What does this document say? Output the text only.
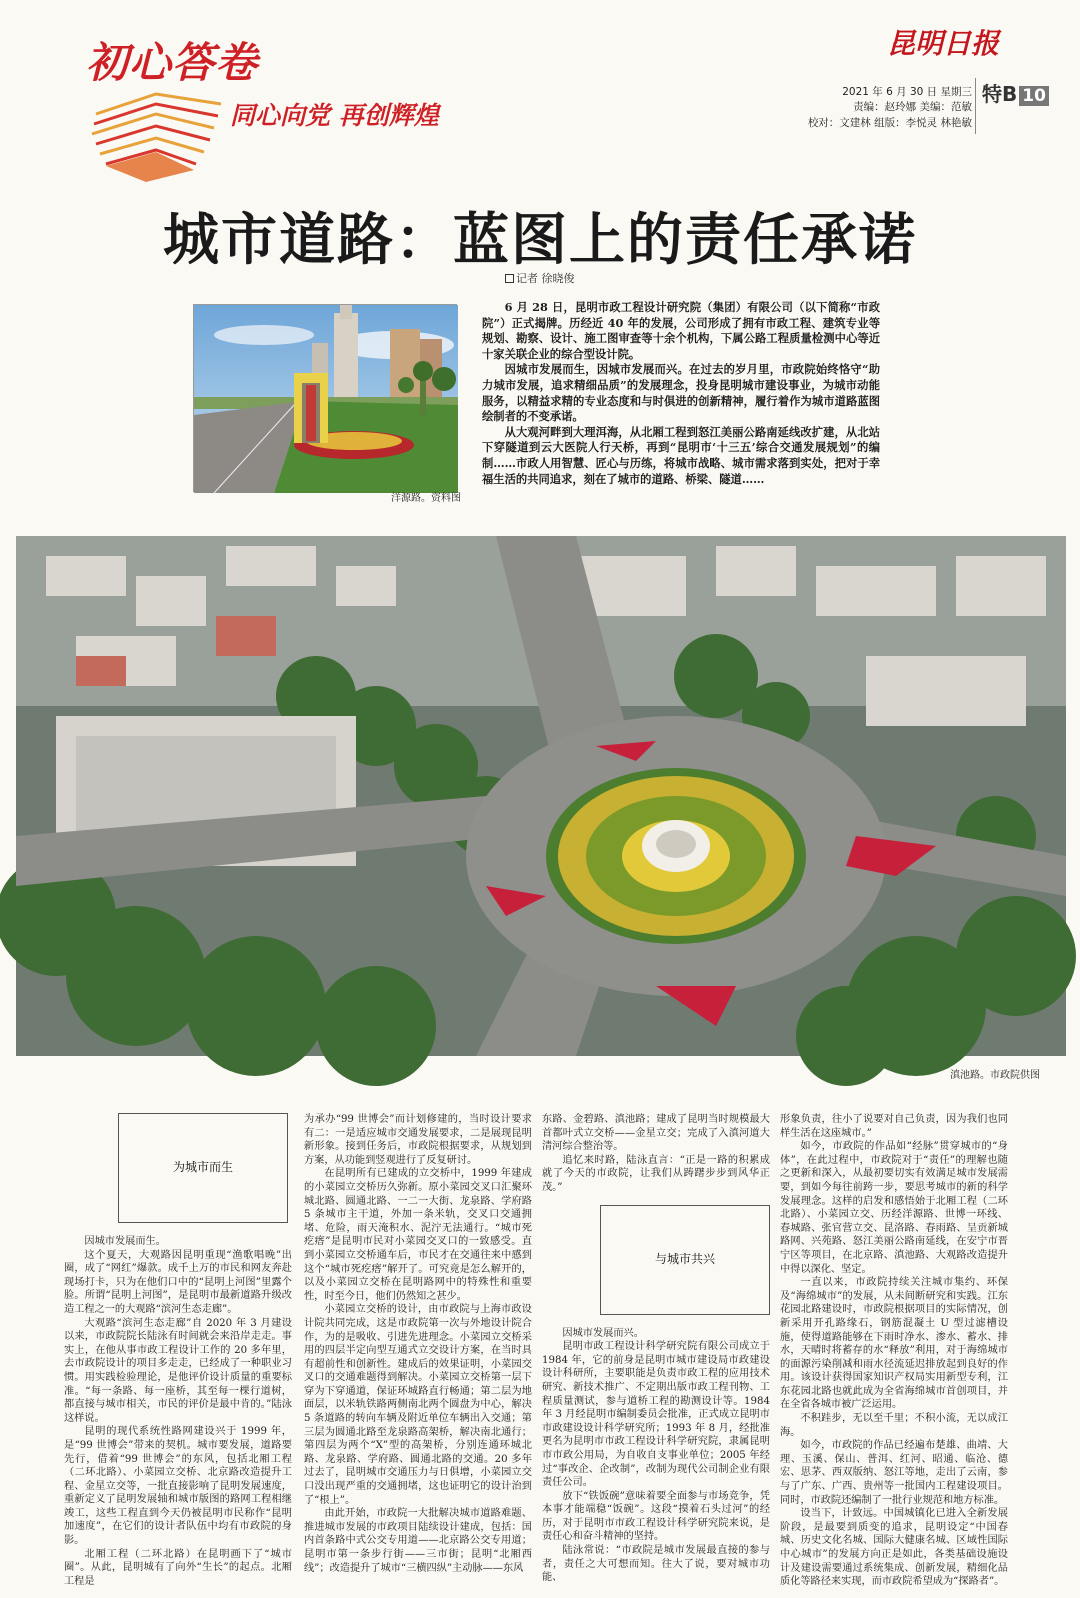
初心答卷
同心向党 再创辉煌
昆明日报
2021 年 6 月 30 日 星期三
责编：赵玲娜 美编：范敏
校对：文建林 组版：李悦灵 林艳敏
特B 10
城市道路：蓝图上的责任承诺
记者 徐晓俊
洋源路。资料图

6 月 28 日，昆明市政工程设计研究院（集团）有限公司（以下简称“市政院”）正式揭牌。历经近 40 年的发展，公司形成了拥有市政工程、建筑专业等规划、勘察、设计、施工图审查等十余个机构，下属公路工程质量检测中心等近十家关联企业的综合型设计院。

因城市发展而生，因城市发展而兴。在过去的岁月里，市政院始终恪守“助力城市发展，追求精细品质”的发展理念，投身昆明城市建设事业，为城市动能服务，以精益求精的专业态度和与时俱进的创新精神，履行着作为城市道路蓝图绘制者的不变承诺。

从大观河畔到大理洱海，从北厢工程到怒江美丽公路南延线改扩建，从北站下穿隧道到云大医院人行天桥，再到“昆明市‘十三五’综合交通发展规划”的编制……市政人用智慧、匠心与历练，将城市战略、城市需求落到实处，把对于幸福生活的共同追求，刻在了城市的道路、桥梁、隧道……

滇池路。市政院供图
为城市而生

因城市发展而生。

这个夏天，大观路因昆明重现“渔歌唱晚”出圈，成了“网红”爆款。成千上万的市民和网友奔赴现场打卡，只为在他们口中的“昆明上河图”里露个脸。所谓“昆明上河图”，是昆明市最新道路升级改造工程之一的大观路“滨河生态走廊”。

大观路“滨河生态走廊”自 2020 年 3 月建设以来，市政院院长陆泳有时间就会来沿岸走走。事实上，在他从事市政工程设计工作的 20 多年里，去市政院设计的项目多走走，已经成了一种职业习惯。用实践检验理论，是他评价设计质量的重要标准。“每一条路、每一座桥，其至每一棵行道树，都直接与城市相关，市民的评价是最中肯的。”陆泳这样说。

昆明的现代系统性路网建设兴于 1999 年，是“99 世博会”带来的契机。城市要发展，道路要先行，借着“99 世博会”的东风，包括北厢工程（二环北路）、小菜园立交桥、北京路改造提升工程、金星立交等，一批直接影响了昆明发展速度，重新定义了昆明发展轴和城市版图的路网工程相继竣工，这些工程直到今天仍被昆明市民称作“昆明加速度”，在它们的设计者队伍中均有市政院的身影。

北厢工程（二环北路）在昆明画下了“城市圈”。从此，昆明城有了向外“生长”的起点。北厢工程是

为承办“99 世博会”而计划修建的，当时设计要求有二：一是适应城市交通发展要求，二是展现昆明新形象。接到任务后，市政院根据要求，从规划到方案，从功能到竖观进行了反复研讨。

在昆明所有已建成的立交桥中，1999 年建成的小菜园立交桥历久弥新。原小菜园交叉口汇聚环城北路、圆通北路、一二一大街、龙泉路、学府路 5 条城市主干道，外加一条米轨，交叉口交通拥堵、危险，雨天淹积水、泥泞无法通行。“城市死疙瘩”是昆明市民对小菜园交叉口的一致感受。直到小菜园立交桥通车后，市民才在交通往来中感到这个“城市死疙瘩”解开了。可究竟是怎么解开的，以及小菜园立交桥在昆明路网中的特殊性和重要性，时至今日，他们仍然知之甚少。

小菜园立交桥的设计，由市政院与上海市政设计院共同完成，这是市政院第一次与外地设计院合作，为的是吸收、引进先进理念。小菜园立交桥采用的四层半定向型互通式立交设计方案，在当时具有超前性和创新性。建成后的效果证明，小菜园交叉口的交通难题得到解决。小菜园立交桥第一层下穿为下穿通道，保证环城路直行畅通；第二层为地面层，以米轨铁路两侧南北两个圆盘为中心，解决 5 条道路的转向车辆及附近单位车辆出入交通；第三层为圆通北路至龙泉路高架桥，解决南北通行；第四层为两个“X”型的高架桥，分别连通环城北路、龙泉路、学府路、圆通北路的交通。20 多年过去了，昆明城市交通压力与日俱增，小菜园立交口没出现严重的交通拥堵，这也证明它的设计治到了“根上”。

由此开始，市政院一大批解决城市道路难题、推进城市发展的市政项目陆续设计建成，包括：国内首条路中式公交专用道——北京路公交专用道；昆明市第一条步行街——三市街；昆明“北厢西线”；改造提升了城市“三横四纵”主动脉——东风

东路、金碧路、滇池路；建成了昆明当时规模最大首都叶式立交桥——金星立交；完成了入滇河道大清河综合整治等。

追忆来时路，陆泳直言：“正是一路的积累成就了今天的市政院，让我们从踌躇步步到风华正茂。”

与城市共兴

因城市发展而兴。

昆明市政工程设计科学研究院有限公司成立于 1984 年，它的前身是昆明市城市建设局市政建设设计科研所，主要职能是负责市政工程的应用技术研究、新技术推广、不定期出版市政工程刊物、工程质量测试，参与道桥工程的勘测设计等。1984 年 3 月经昆明市编制委员会批准，正式成立昆明市市政建设设计科学研究所；1993 年 8 月，经批准更名为昆明市市政工程设计科学研究院，隶属昆明市市政公用局，为自收自支事业单位；2005 年经过“事改企、企改制”，改制为现代公司制企业有限责任公司。

放下“铁饭碗”意味着要全面参与市场竞争，凭本事才能端稳“饭碗”。这段“摸着石头过河”的经历，对于昆明市市政工程设计科学研究院来说，是责任心和奋斗精神的坚持。

陆泳常说：“市政院是城市发展最直接的参与者，责任之大可想而知。往大了说，要对城市功能、

形象负责，往小了说要对自己负责，因为我们也同样生活在这座城市。”

如今，市政院的作品如“经脉”贯穿城市的“身体”，在此过程中，市政院对于“责任”的理解也随之更新和深入，从最初要切实有效满足城市发展需要，到如今每往前跨一步，要思考城市的新的科学发展理念。这样的启发和感悟始于北厢工程（二环北路）、小菜园立交、历经洋源路、世博一环线、春城路、张官营立交、昆洛路、春雨路、呈贡新城路网、兴苑路、怒江美丽公路南延线，在安宁市晋宁区等项目，在北京路、滇池路、大观路改造提升中得以深化、坚定。

一直以来，市政院持续关注城市集约、环保及“海绵城市”的发展，从未间断研究和实践。江东花园北路建设时，市政院根据项目的实际情况，创新采用开孔路缘石，钢筋混凝土 U 型过滤槽设施，使得道路能够在下雨时净水、渗水、蓄水、排水，天晴时将蓄存的水“释放”利用，对于海绵城市的面源污染削减和雨水径流延迟排放起到良好的作用。该设计获得国家知识产权局实用新型专利，江东花园北路也就此成为全省海绵城市首创项目，并在全省各城市被广泛运用。

不积跬步，无以至千里；不积小流，无以成江海。

如今，市政院的作品已经遍布楚雄、曲靖、大理、玉溪、保山、普洱、红河、昭通、临沧、德宏、思茅、西双版纳、怒江等地，走出了云南，参与了广东、广西、贵州等一批国内工程建设项目。同时，市政院还编制了一批行业规范和地方标准。

设当下，计致远。中国城镇化已进入全新发展阶段，是最要到质变的追求，昆明设定“中国春城、历史文化名城、国际大健康名城、区域性国际中心城市”的发展方向正是如此，各类基础设施设计及建设需要通过系统集成、创新发展，精细化品质化等路径来实现，而市政院希望成为“探路者”。
